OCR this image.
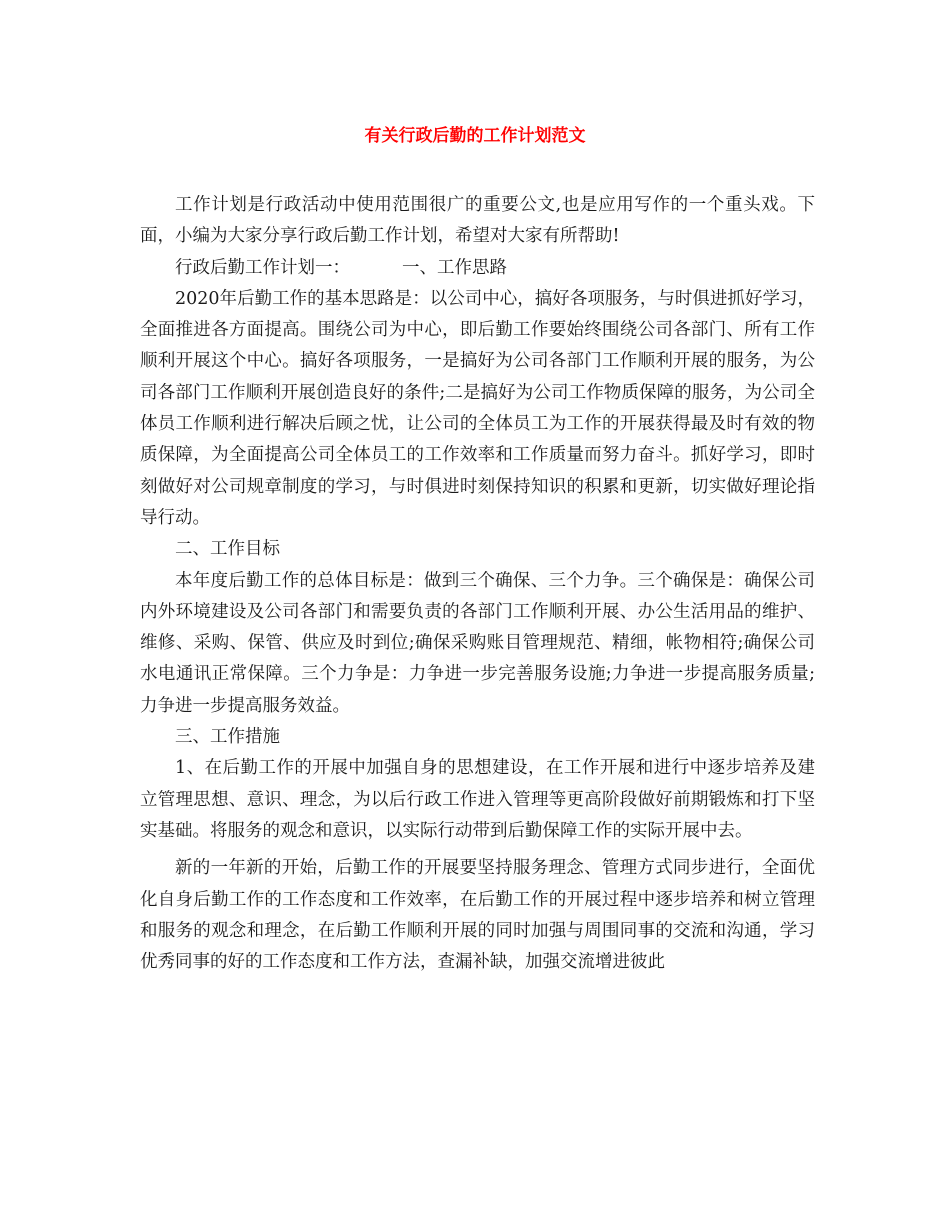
有关行政后勤的工作计划范文

工作计划是行政活动中使用范围很广的重要公文,也是应用写作的一个重头戏。下面，小编为大家分享行政后勤工作计划，希望对大家有所帮助!

行政后勤工作计划一：	一、工作思路

2020年后勤工作的基本思路是：以公司中心，搞好各项服务，与时俱进抓好学习，全面推进各方面提高。围绕公司为中心，即后勤工作要始终围绕公司各部门、所有工作顺利开展这个中心。搞好各项服务，一是搞好为公司各部门工作顺利开展的服务，为公司各部门工作顺利开展创造良好的条件;二是搞好为公司工作物质保障的服务，为公司全体员工作顺利进行解决后顾之忧，让公司的全体员工为工作的开展获得最及时有效的物质保障，为全面提高公司全体员工的工作效率和工作质量而努力奋斗。抓好学习，即时刻做好对公司规章制度的学习，与时俱进时刻保持知识的积累和更新，切实做好理论指导行动。

二、工作目标

本年度后勤工作的总体目标是：做到三个确保、三个力争。三个确保是：确保公司内外环境建设及公司各部门和需要负责的各部门工作顺利开展、办公生活用品的维护、维修、采购、保管、供应及时到位;确保采购账目管理规范、精细，帐物相符;确保公司水电通讯正常保障。三个力争是：力争进一步完善服务设施;力争进一步提高服务质量;力争进一步提高服务效益。

三、工作措施

1、在后勤工作的开展中加强自身的思想建设，在工作开展和进行中逐步培养及建立管理思想、意识、理念，为以后行政工作进入管理等更高阶段做好前期锻炼和打下坚实基础。将服务的观念和意识，以实际行动带到后勤保障工作的实际开展中去。

新的一年新的开始，后勤工作的开展要坚持服务理念、管理方式同步进行，全面优化自身后勤工作的工作态度和工作效率，在后勤工作的开展过程中逐步培养和树立管理和服务的观念和理念，在后勤工作顺利开展的同时加强与周围同事的交流和沟通，学习优秀同事的好的工作态度和工作方法，查漏补缺，加强交流增进彼此
